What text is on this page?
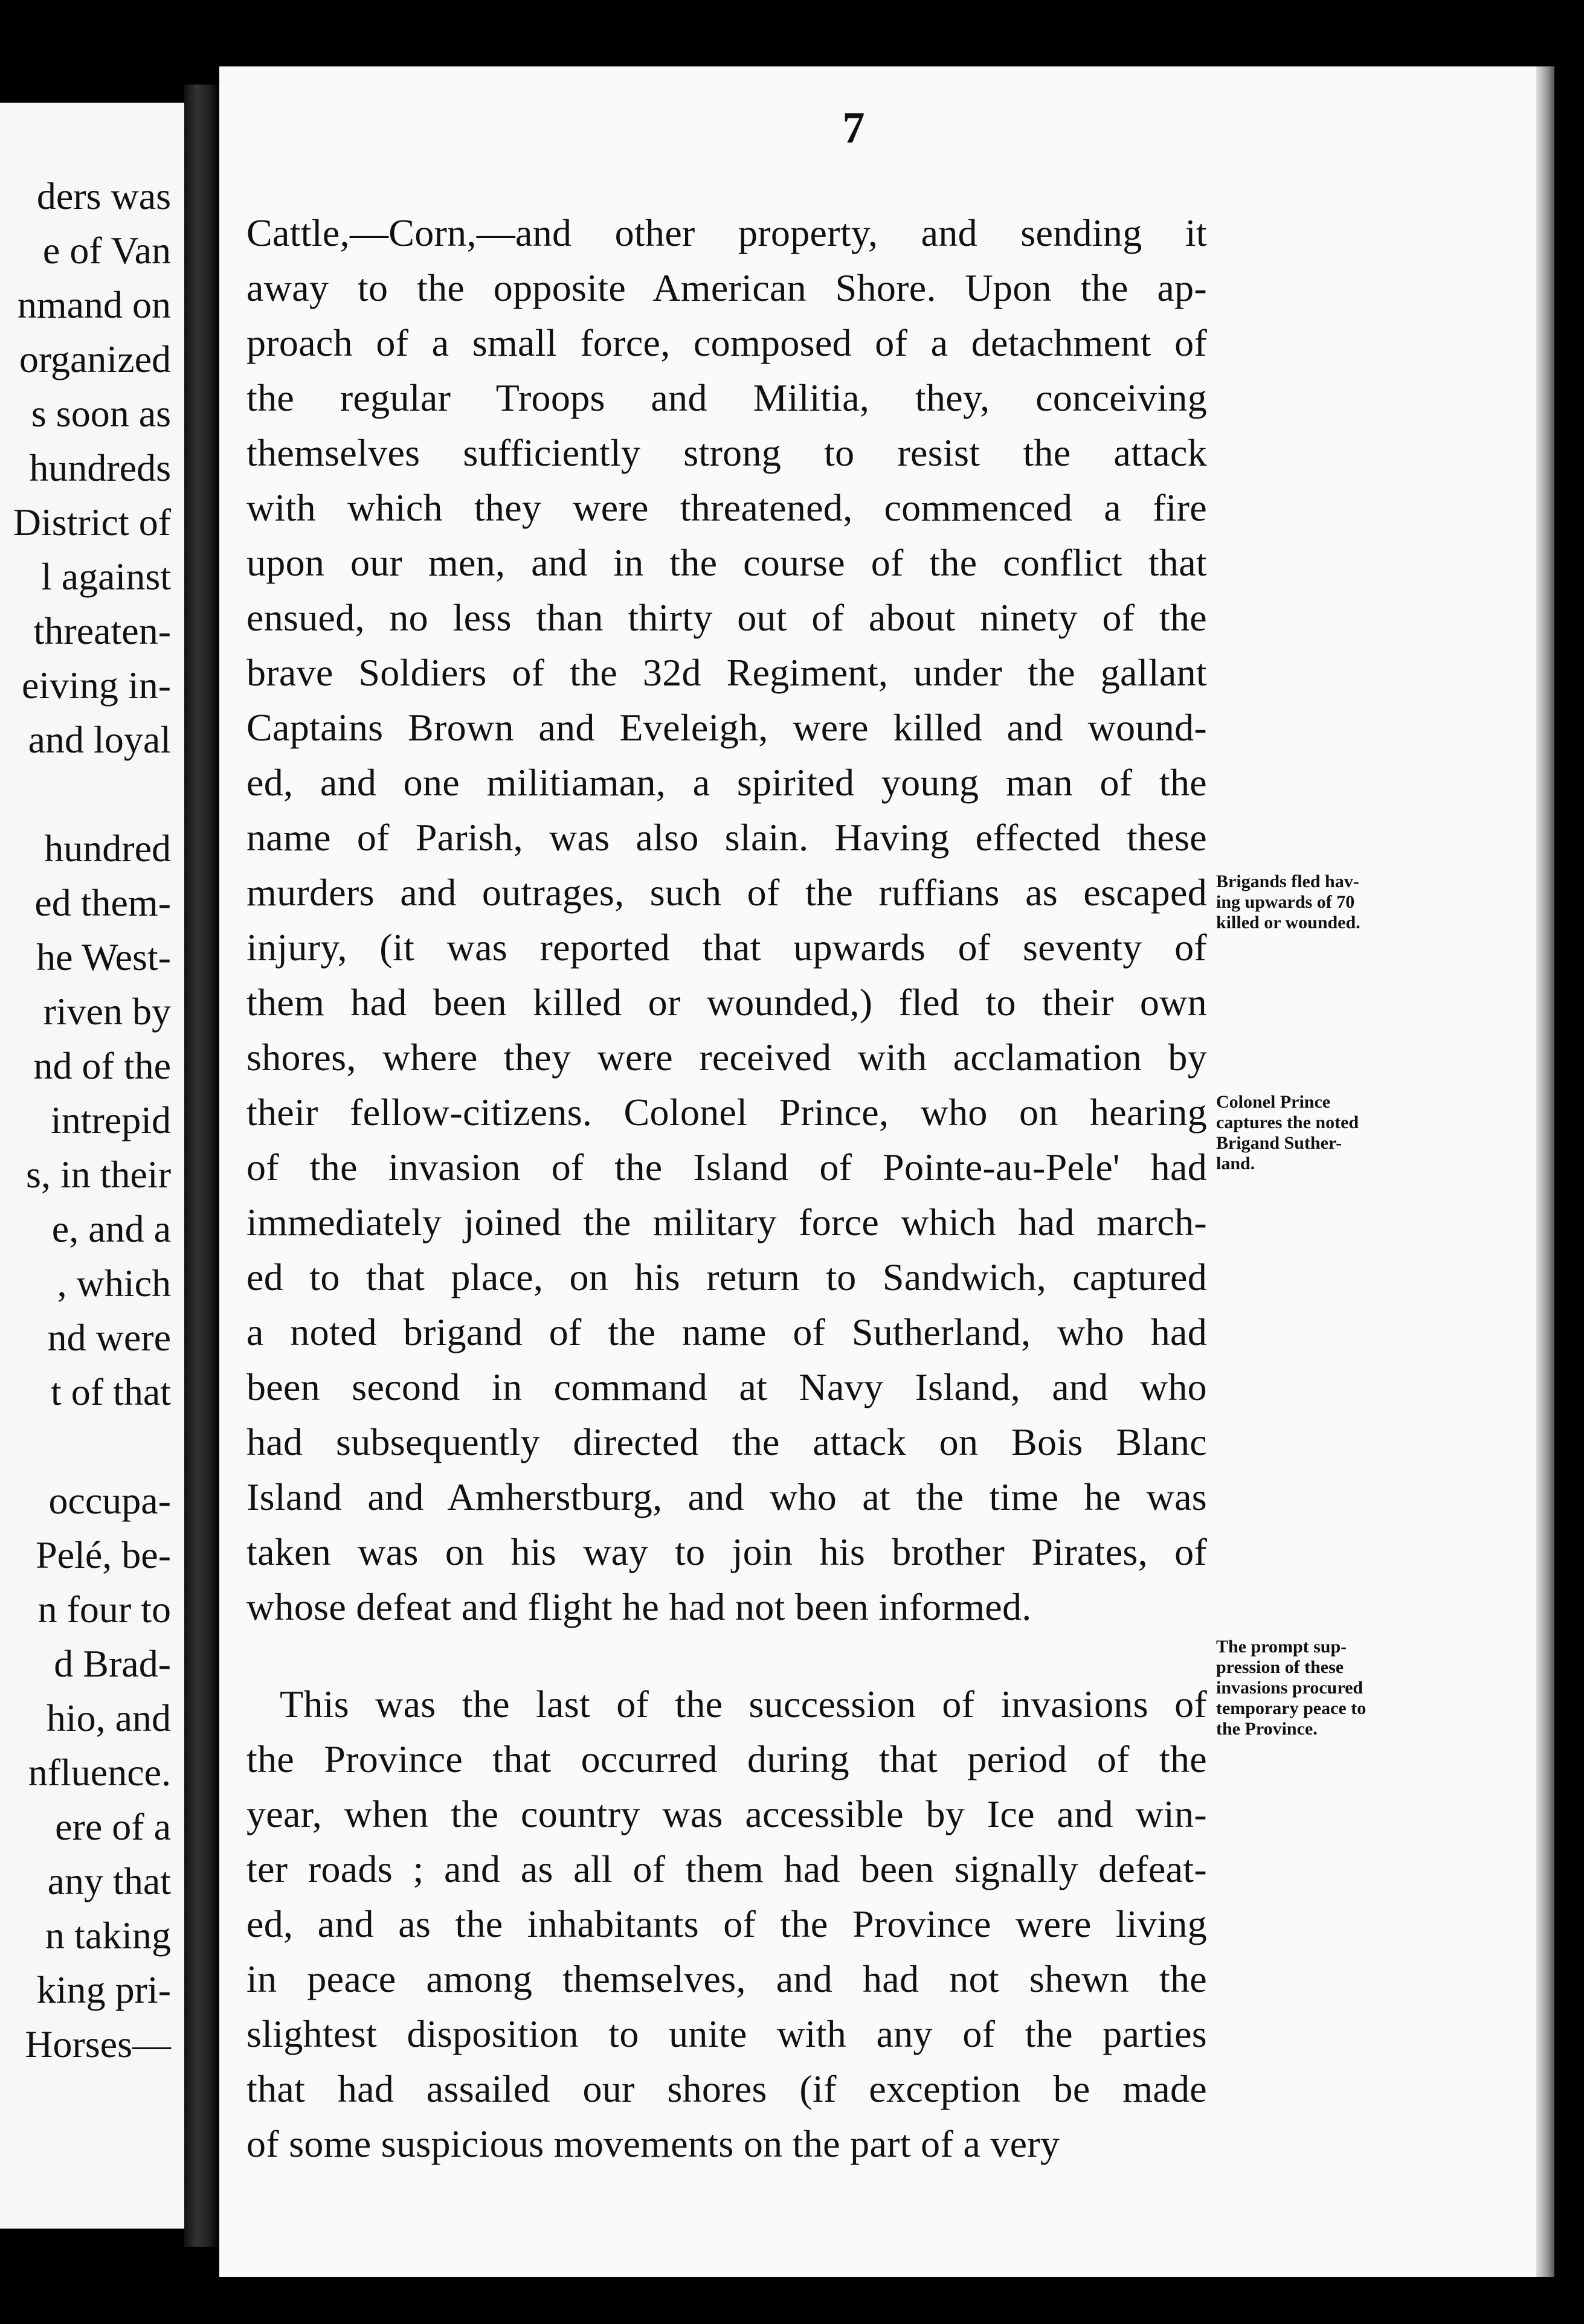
ders was
e of Van
nmand on
organized
s soon as
hundreds
District of
l against
threaten-
eiving in-
and loyal
hundred
ed them-
he West-
riven by
nd of the
intrepid
s, in their
e, and a
, which
nd were
t of that
occupa-
Pelé, be-
n four to
d Brad-
hio, and
nfluence.
ere of a
any that
n taking
king pri-
Horses—
7
Cattle,—Corn,—and other property, and sending it
away to the opposite American Shore. Upon the ap-
proach of a small force, composed of a detachment of
the regular Troops and Militia, they, conceiving
themselves sufficiently strong to resist the attack
with which they were threatened, commenced a fire
upon our men, and in the course of the conflict that
ensued, no less than thirty out of about ninety of the
brave Soldiers of the 32d Regiment, under the gallant
Captains Brown and Eveleigh, were killed and wound-
ed, and one militiaman, a spirited young man of the
name of Parish, was also slain. Having effected these
murders and outrages, such of the ruffians as escaped
injury, (it was reported that upwards of seventy of
them had been killed or wounded,) fled to their own
shores, where they were received with acclamation by
their fellow-citizens. Colonel Prince, who on hearing
of the invasion of the Island of Pointe-au-Pele' had
immediately joined the military force which had march-
ed to that place, on his return to Sandwich, captured
a noted brigand of the name of Sutherland, who had
been second in command at Navy Island, and who
had subsequently directed the attack on Bois Blanc
Island and Amherstburg, and who at the time he was
taken was on his way to join his brother Pirates, of
whose defeat and flight he had not been informed.
This was the last of the succession of invasions of
the Province that occurred during that period of the
year, when the country was accessible by Ice and win-
ter roads ; and as all of them had been signally defeat-
ed, and as the inhabitants of the Province were living
in peace among themselves, and had not shewn the
slightest disposition to unite with any of the parties
that had assailed our shores (if exception be made
of some suspicious movements on the part of a very
Brigands fled hav-
ing upwards of 70
killed or wounded.
Colonel Prince
captures the noted
Brigand Suther-
land.
The prompt sup-
pression of these
invasions procured
temporary peace to
the Province.
